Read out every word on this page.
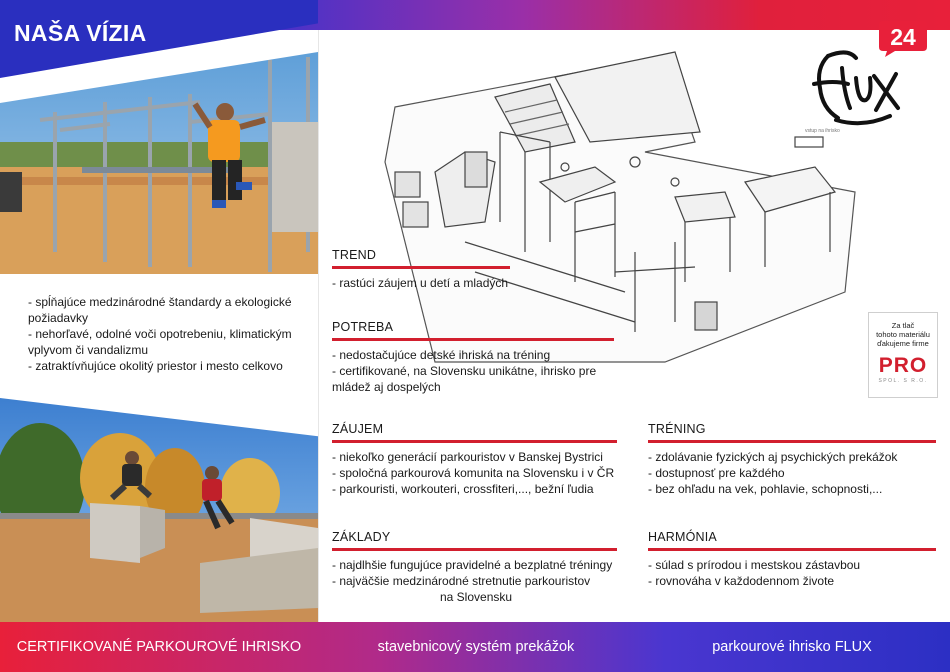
NAŠA VÍZIA
- spĺňajúce medzinárodné štandardy a ekologické požiadavky
- nehorľavé, odolné voči opotrebeniu, klimatickým vplyvom či vandalizmu
- zatraktívňujúce okolitý priestor i mesto celkovo
24
vstup na ihrisko
TREND
- rastúci záujem u detí a mladých
POTREBA
- nedostačujúce detské ihriská na tréning
- certifikované, na Slovensku unikátne, ihrisko pre mládež aj dospelých
ZÁUJEM
- niekoľko generácií parkouristov v Banskej Bystrici
- spoločná parkourová komunita na Slovensku i v ČR
- parkouristi, workouteri, crossfiteri,..., bežní ľudia
ZÁKLADY
- najdlhšie fungujúce pravidelné a bezplatné tréningy
- najväčšie medzinárodné stretnutie parkouristov
na Slovensku
TRÉNING
- zdolávanie fyzických aj psychických prekážok
- dostupnosť pre každého
- bez ohľadu na vek, pohlavie, schopnosti,...
HARMÓNIA
- súlad s prírodou i mestskou zástavbou
- rovnováha v každodennom živote
Za tlač
tohoto materiálu
ďakujeme firme
PRO
SPOL. S R.O.
CERTIFIKOVANÉ PARKOUROVÉ IHRISKO	stavebnicový systém prekážok	parkourové ihrisko FLUX
